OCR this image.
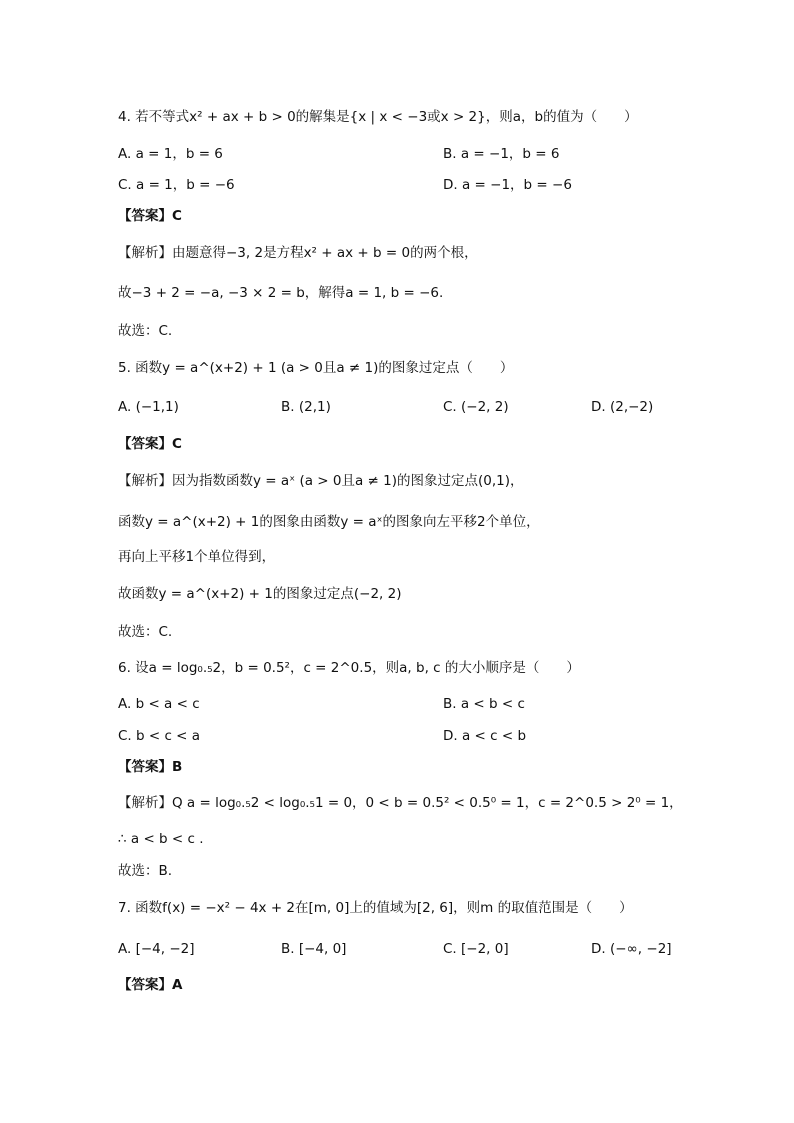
4. 若不等式x² + ax + b > 0的解集是{x | x < −3或x > 2}，则a，b的值为（　　）
A. a = 1，b = 6	B. a = −1，b = 6
C. a = 1，b = −6	D. a = −1，b = −6
【答案】C
【解析】由题意得−3, 2是方程x² + ax + b = 0的两个根，
故−3 + 2 = −a, −3 × 2 = b，解得a = 1, b = −6.
故选：C.
5. 函数y = a^(x+2) + 1 (a > 0且a ≠ 1)的图象过定点（　　）
A. (−1,1)	B. (2,1)	C. (−2, 2)	D. (2,−2)
【答案】C
【解析】因为指数函数y = aˣ (a > 0且a ≠ 1)的图象过定点(0,1)，
函数y = a^(x+2) + 1的图象由函数y = aˣ的图象向左平移2个单位，
再向上平移1个单位得到，
故函数y = a^(x+2) + 1的图象过定点(−2, 2)
故选：C.
6. 设a = log₀.₅2，b = 0.5²，c = 2^0.5，则a, b, c 的大小顺序是（　　）
A. b < a < c	B. a < b < c
C. b < c < a	D. a < c < b
【答案】B
【解析】Q a = log₀.₅2 < log₀.₅1 = 0，0 < b = 0.5² < 0.5⁰ = 1，c = 2^0.5 > 2⁰ = 1，
∴ a < b < c .
故选：B.
7. 函数f(x) = −x² − 4x + 2在[m, 0]上的值域为[2, 6]，则m 的取值范围是（　　）
A. [−4, −2]	B. [−4, 0]	C. [−2, 0]	D. (−∞, −2]
【答案】A
